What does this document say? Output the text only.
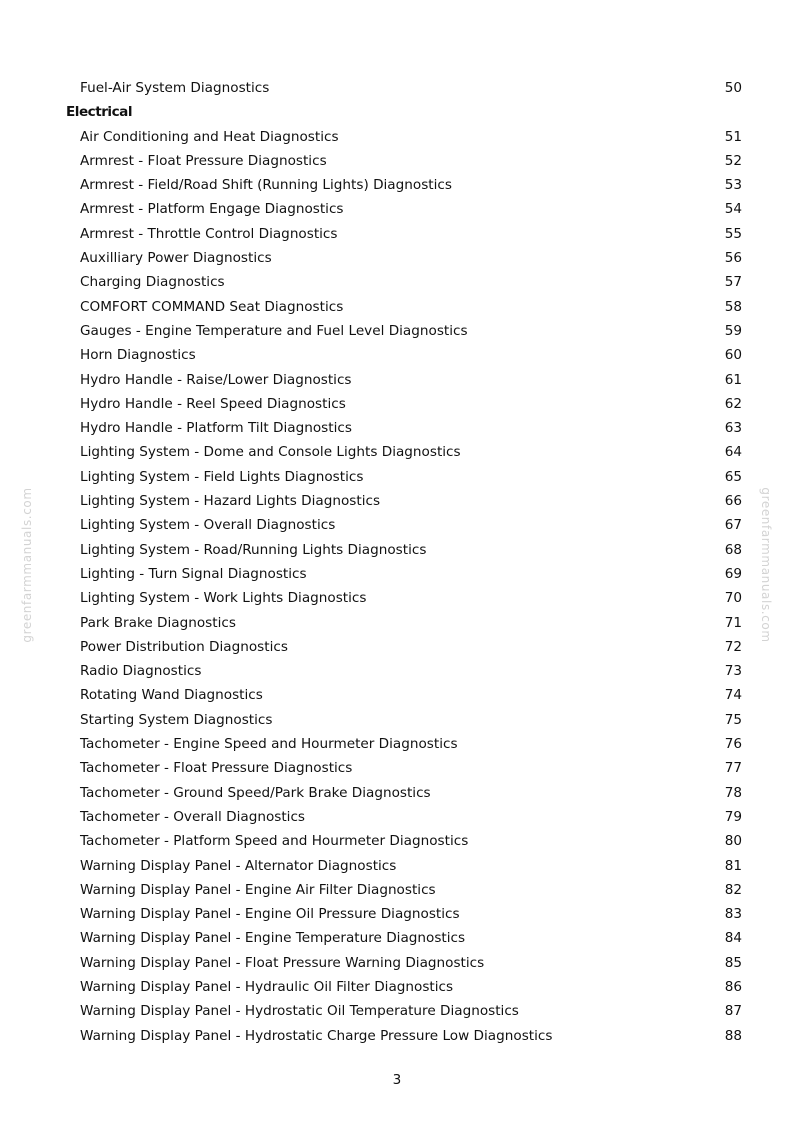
greenfarmmanuals.com	greenfarmmanuals.com
Fuel-Air System Diagnostics	50
Electrical
Air Conditioning and Heat Diagnostics	51
Armrest - Float Pressure Diagnostics	52
Armrest - Field/Road Shift (Running Lights) Diagnostics	53
Armrest - Platform Engage Diagnostics	54
Armrest - Throttle Control Diagnostics	55
Auxilliary Power Diagnostics	56
Charging Diagnostics	57
COMFORT COMMAND Seat Diagnostics	58
Gauges - Engine Temperature and Fuel Level Diagnostics	59
Horn Diagnostics	60
Hydro Handle - Raise/Lower Diagnostics	61
Hydro Handle - Reel Speed Diagnostics	62
Hydro Handle - Platform Tilt Diagnostics	63
Lighting System - Dome and Console Lights Diagnostics	64
Lighting System - Field Lights Diagnostics	65
Lighting System - Hazard Lights Diagnostics	66
Lighting System - Overall Diagnostics	67
Lighting System - Road/Running Lights Diagnostics	68
Lighting - Turn Signal Diagnostics	69
Lighting System - Work Lights Diagnostics	70
Park Brake Diagnostics	71
Power Distribution Diagnostics	72
Radio Diagnostics	73
Rotating Wand Diagnostics	74
Starting System Diagnostics	75
Tachometer - Engine Speed and Hourmeter Diagnostics	76
Tachometer - Float Pressure Diagnostics	77
Tachometer - Ground Speed/Park Brake Diagnostics	78
Tachometer - Overall Diagnostics	79
Tachometer - Platform Speed and Hourmeter Diagnostics	80
Warning Display Panel - Alternator Diagnostics	81
Warning Display Panel - Engine Air Filter Diagnostics	82
Warning Display Panel - Engine Oil Pressure Diagnostics	83
Warning Display Panel - Engine Temperature Diagnostics	84
Warning Display Panel - Float Pressure Warning Diagnostics	85
Warning Display Panel - Hydraulic Oil Filter Diagnostics	86
Warning Display Panel - Hydrostatic Oil Temperature Diagnostics	87
Warning Display Panel - Hydrostatic Charge Pressure Low Diagnostics	88
3
